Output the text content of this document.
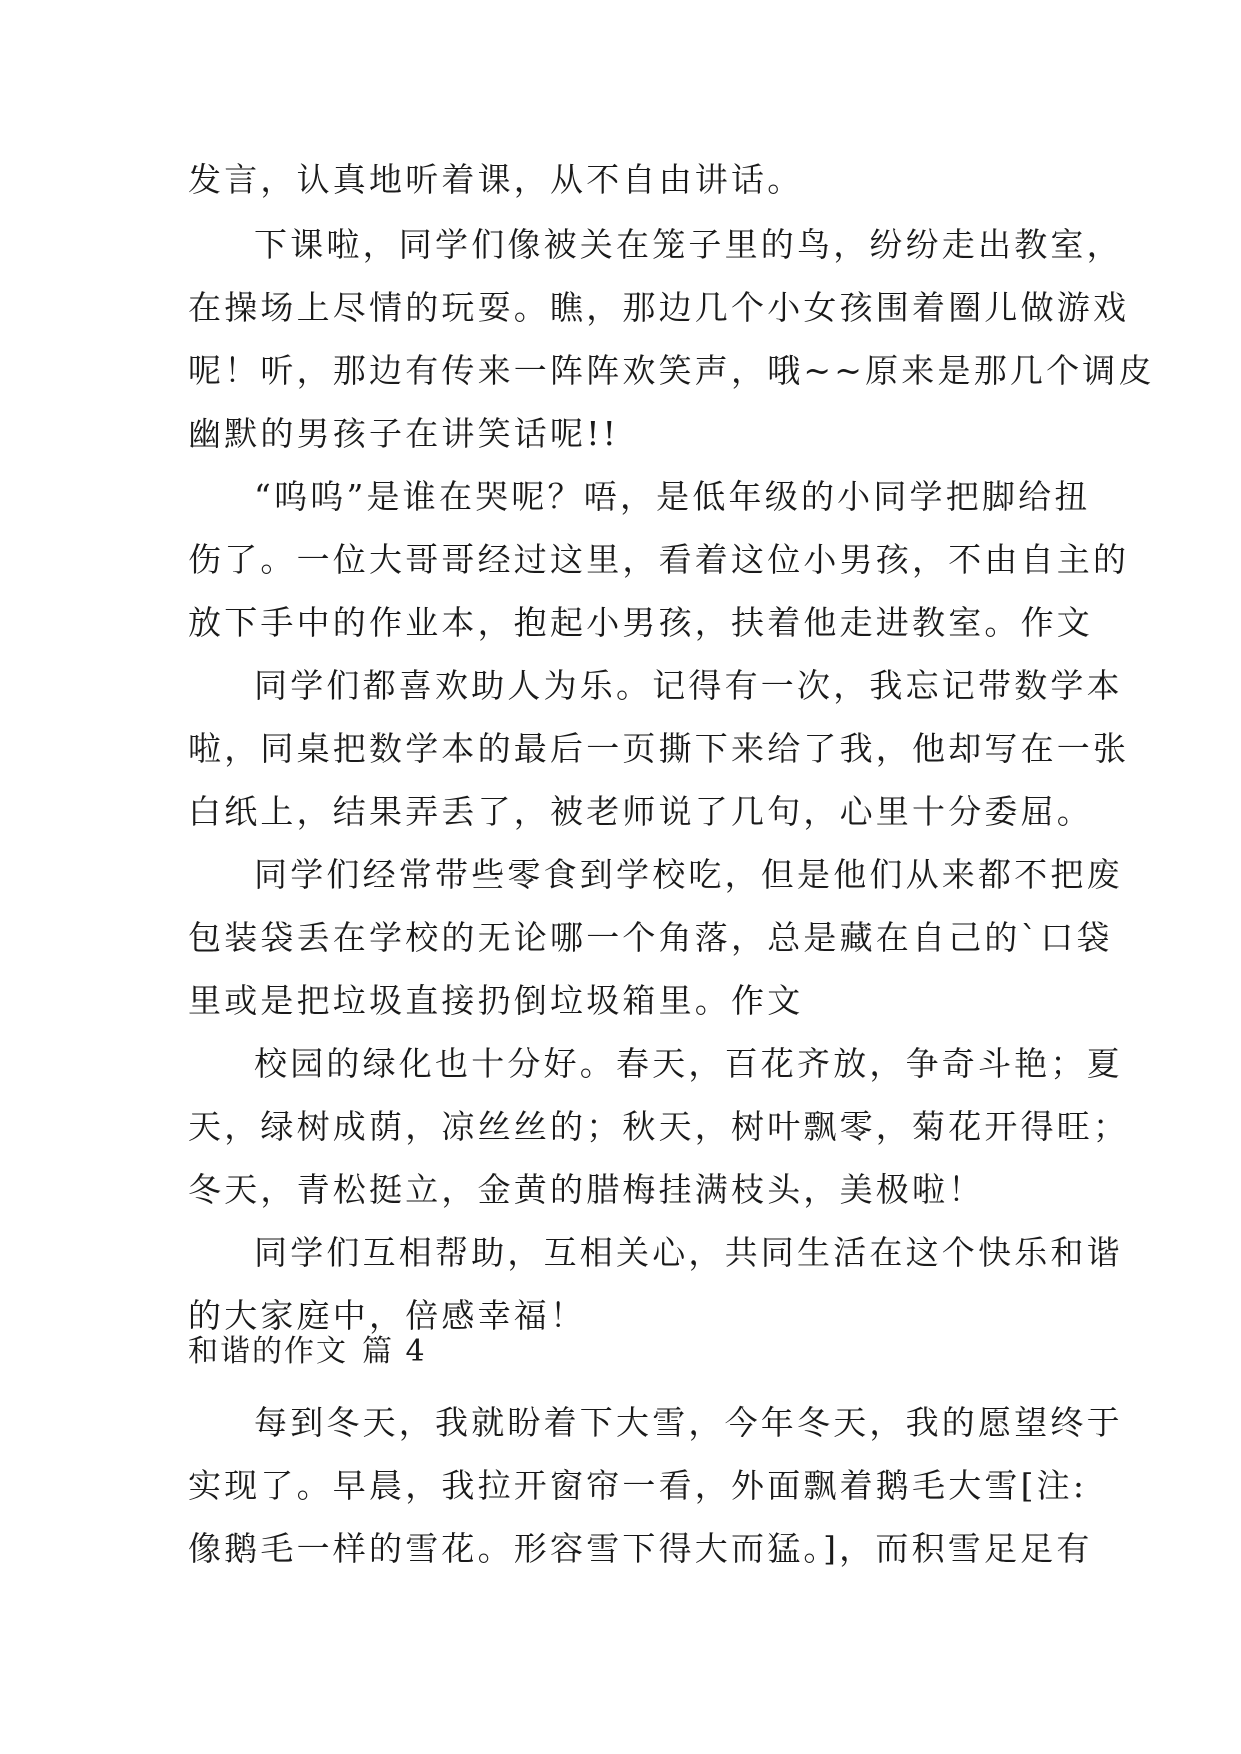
发言，认真地听着课，从不自由讲话。
下课啦，同学们像被关在笼子里的鸟，纷纷走出教室，
在操场上尽情的玩耍。瞧，那边几个小女孩围着圈儿做游戏
呢！听，那边有传来一阵阵欢笑声，哦~~原来是那几个调皮
幽默的男孩子在讲笑话呢!!
“呜呜”是谁在哭呢？唔，是低年级的小同学把脚给扭
伤了。一位大哥哥经过这里，看着这位小男孩，不由自主的
放下手中的作业本，抱起小男孩，扶着他走进教室。作文
同学们都喜欢助人为乐。记得有一次，我忘记带数学本
啦，同桌把数学本的最后一页撕下来给了我，他却写在一张
白纸上，结果弄丢了，被老师说了几句，心里十分委屈。
同学们经常带些零食到学校吃，但是他们从来都不把废
包装袋丢在学校的无论哪一个角落，总是藏在自己的`口袋
里或是把垃圾直接扔倒垃圾箱里。作文
校园的绿化也十分好。春天，百花齐放，争奇斗艳；夏
天，绿树成荫，凉丝丝的；秋天，树叶飘零，菊花开得旺；
冬天，青松挺立，金黄的腊梅挂满枝头，美极啦！
同学们互相帮助，互相关心，共同生活在这个快乐和谐
的大家庭中，倍感幸福！
和谐的作文 篇 4
每到冬天，我就盼着下大雪，今年冬天，我的愿望终于
实现了。早晨，我拉开窗帘一看，外面飘着鹅毛大雪[注:
像鹅毛一样的雪花。形容雪下得大而猛。]，而积雪足足有
